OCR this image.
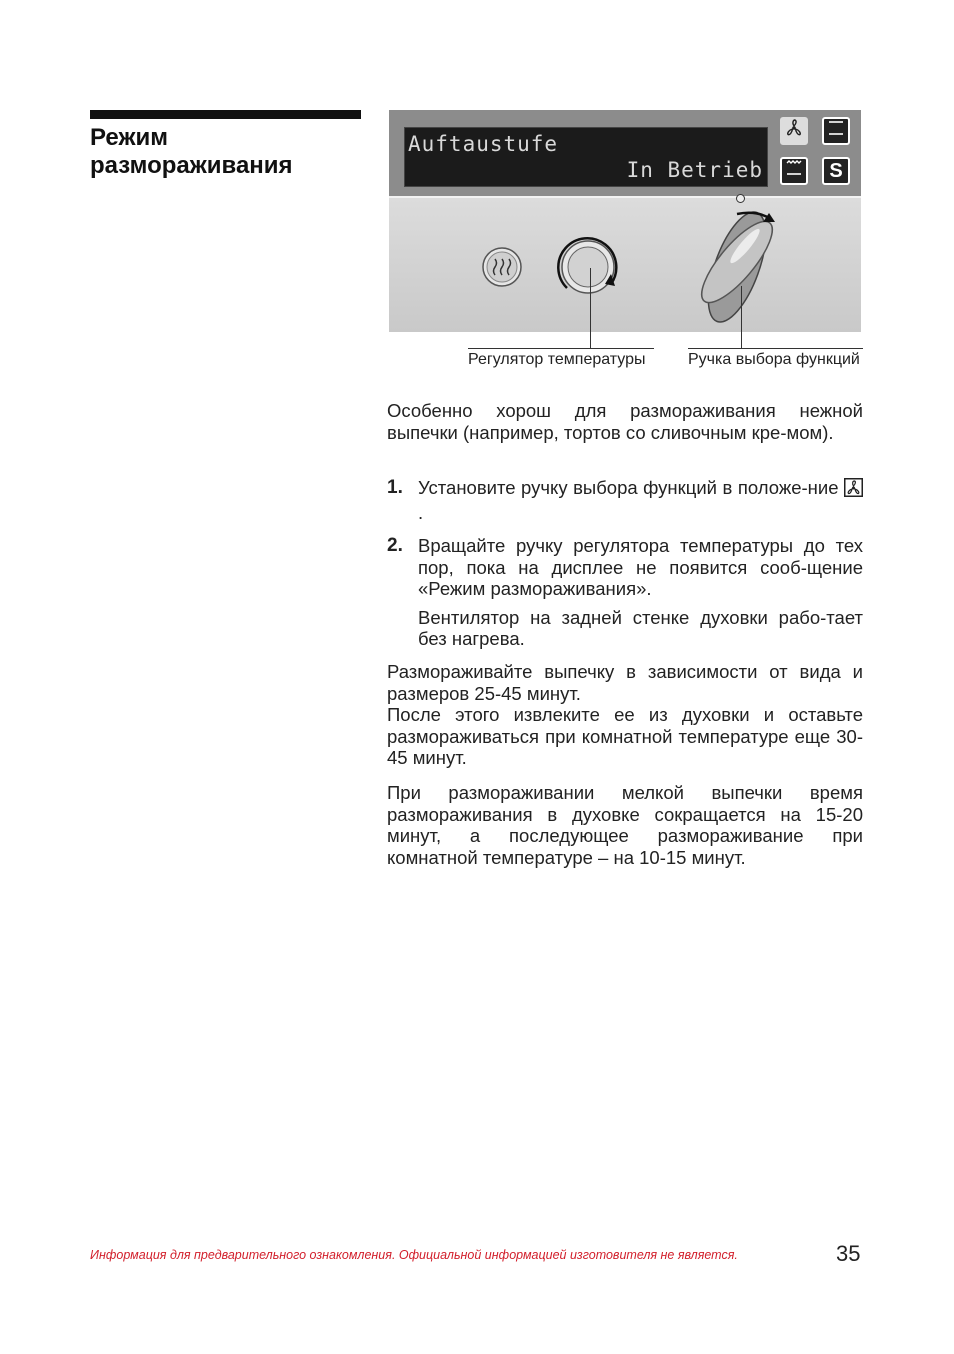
Режим
размораживания
Auftaustufe
In Betrieb	S
Регулятор температуры	Ручка выбора функций

Особенно хорош для размораживания нежной выпечки (например, тортов со сливочным кре-мом).

1. Установите ручку выбора функций в положе-ние .
2. Вращайте ручку регулятора температуры до тех пор, пока на дисплее не появится сооб-щение «Режим размораживания».
Вентилятор на задней стенке духовки рабо-тает без нагрева.

Размораживайте выпечку в зависимости от вида и размеров 25-45 минут.

После этого извлеките ее из духовки и оставьте размораживаться при комнатной температуре еще 30-45 минут.

При размораживании мелкой выпечки время размораживания в духовке сокращается на 15-20 минут, а последующее размораживание при комнатной температуре – на 10-15 минут.

Информация для предварительного ознакомления. Официальной информацией изготовителя не является.	35
